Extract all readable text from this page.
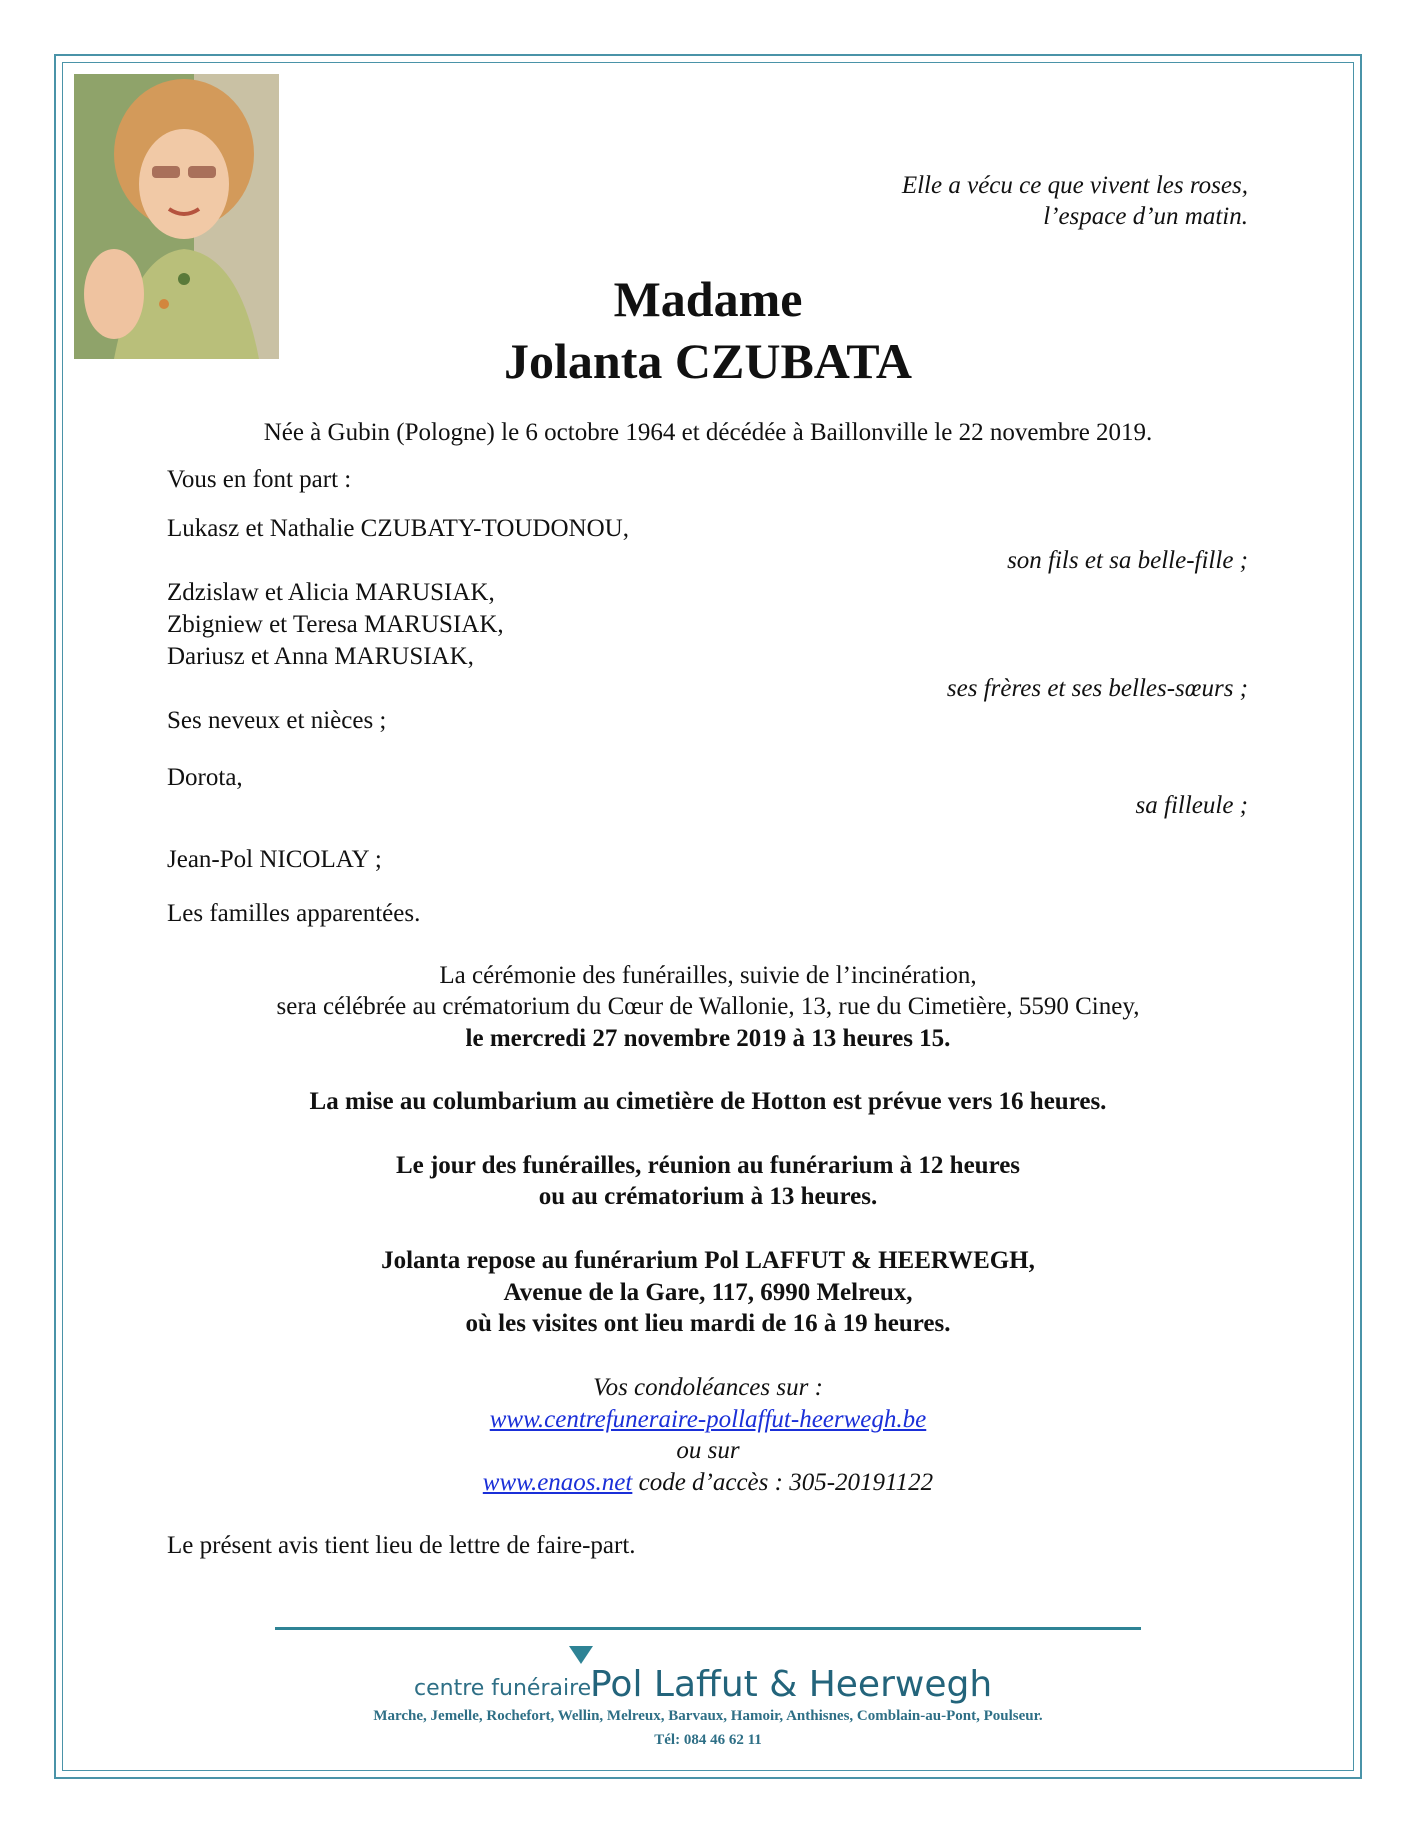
Elle a vécu ce que vivent les roses,
l’espace d’un matin.
Madame
Jolanta CZUBATA
Née à Gubin (Pologne) le 6 octobre 1964 et décédée à Baillonville le 22 novembre 2019.
Vous en font part :
Lukasz et Nathalie CZUBATY-TOUDONOU,
son fils et sa belle-fille ;
Zdzislaw et Alicia MARUSIAK,
Zbigniew et Teresa MARUSIAK,
Dariusz et Anna MARUSIAK,
ses frères et ses belles-sœurs ;
Ses neveux et nièces ;
Dorota,
sa filleule ;
Jean-Pol NICOLAY ;
Les familles apparentées.
La cérémonie des funérailles, suivie de l’incinération,
sera célébrée au crématorium du Cœur de Wallonie, 13, rue du Cimetière, 5590 Ciney,
le mercredi 27 novembre 2019 à 13 heures 15.
La mise au columbarium au cimetière de Hotton est prévue vers 16 heures.
Le jour des funérailles, réunion au funérarium à 12 heures
ou au crématorium à 13 heures.
Jolanta repose au funérarium Pol LAFFUT & HEERWEGH,
Avenue de la Gare, 117, 6990 Melreux,
où les visites ont lieu mardi de 16 à 19 heures.
Vos condoléances sur :
www.centrefuneraire-pollaffut-heerwegh.be
ou sur
www.enaos.net code d’accès : 305-20191122
Le présent avis tient lieu de lettre de faire-part.
centre funéraire
Pol Laffut & Heerwegh
Marche, Jemelle, Rochefort, Wellin, Melreux, Barvaux, Hamoir, Anthisnes, Comblain-au-Pont, Poulseur.
Tél: 084 46 62 11
